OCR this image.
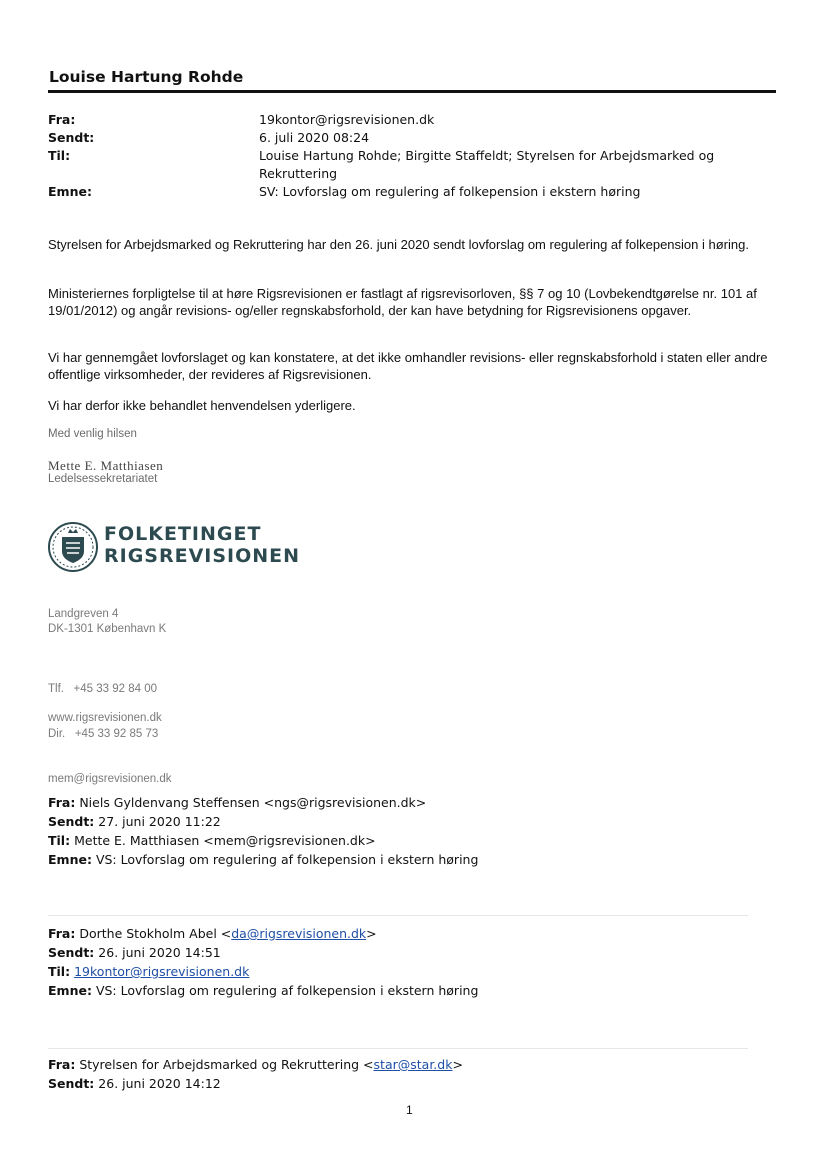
Louise Hartung Rohde
Fra:	19kontor@rigsrevisionen.dk
Sendt:	6. juli 2020 08:24
Til:	Louise Hartung Rohde; Birgitte Staffeldt; Styrelsen for Arbejdsmarked og Rekruttering
Emne:	SV: Lovforslag om regulering af folkepension i ekstern høring

Styrelsen for Arbejdsmarked og Rekruttering har den 26. juni 2020 sendt lovforslag om regulering af folkepension i høring.

Ministeriernes forpligtelse til at høre Rigsrevisionen er fastlagt af rigsrevisorloven, §§ 7 og 10 (Lovbekendtgørelse nr. 101 af 19/01/2012) og angår revisions- og/eller regnskabsforhold, der kan have betydning for Rigsrevisionens opgaver.

Vi har gennemgået lovforslaget og kan konstatere, at det ikke omhandler revisions- eller regnskabsforhold i staten eller andre offentlige virksomheder, der revideres af Rigsrevisionen.

Vi har derfor ikke behandlet henvendelsen yderligere.

Med venlig hilsen
Mette E. Matthiasen
Ledelsessekretariatet
FOLKETINGET
RIGSREVISIONEN
Landgreven 4
DK-1301 København K

Tlf.   +45 33 92 84 00

Dir.   +45 33 92 85 73

mem@rigsrevisionen.dk

www.rigsrevisionen.dk
Fra: Niels Gyldenvang Steffensen <ngs@rigsrevisionen.dk>
Sendt: 27. juni 2020 11:22
Til: Mette E. Matthiasen <mem@rigsrevisionen.dk>
Emne: VS: Lovforslag om regulering af folkepension i ekstern høring
Fra: Dorthe Stokholm Abel <da@rigsrevisionen.dk>
Sendt: 26. juni 2020 14:51
Til: 19kontor@rigsrevisionen.dk
Emne: VS: Lovforslag om regulering af folkepension i ekstern høring
Fra: Styrelsen for Arbejdsmarked og Rekruttering <star@star.dk>
Sendt: 26. juni 2020 14:12
1
